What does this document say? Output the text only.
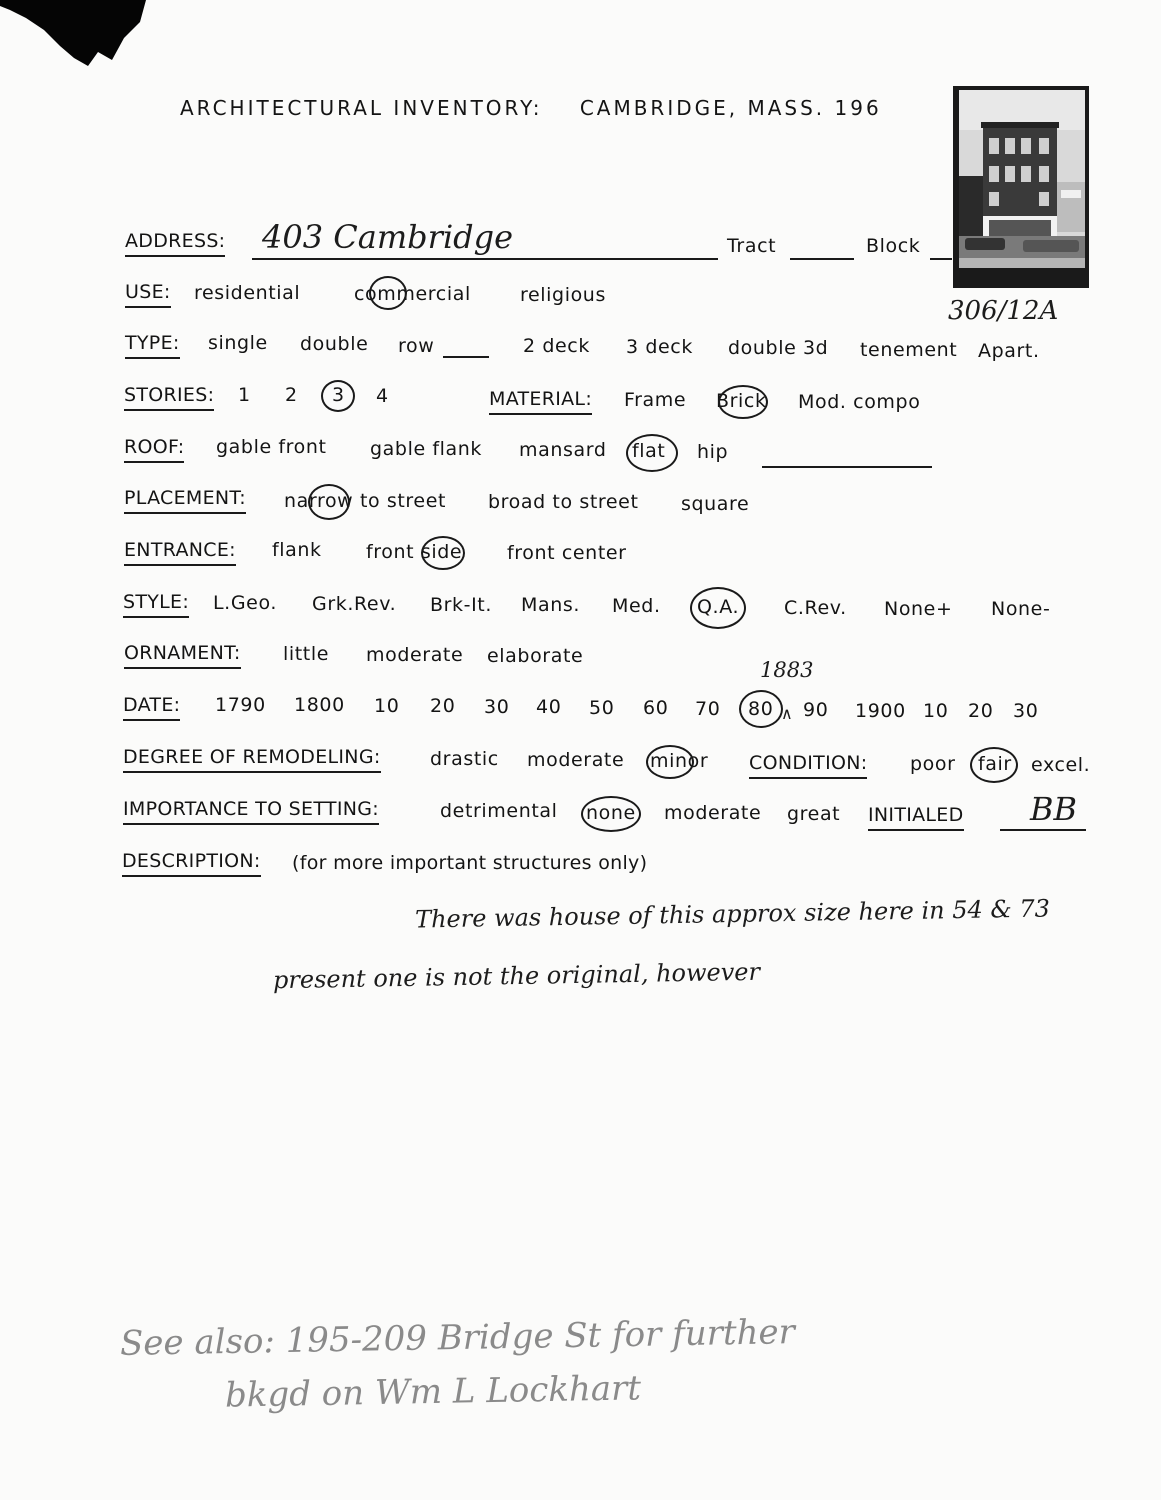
ARCHITECTURAL INVENTORY: CAMBRIDGE, MASS. 196
306/12A
ADDRESS: 403 Cambridge	Tract	Block
USE: residential	commercial	religious
TYPE: single double row	2 deck 3 deck double 3d tenement Apart.
STORIES: 1 2 3 4	MATERIAL: Frame Brick Mod. compo
ROOF: gable front gable flank mansard flat hip
PLACEMENT: narrow to street broad to street square
ENTRANCE: flank front side front center
STYLE: L.Geo. Grk.Rev. Brk-It. Mans. Med. Q.A. C.Rev. None+ None-
ORNAMENT: little moderate elaborate
1883
DATE: 1790 1800 10 20 30 40 50 60 70 80 ∧ 90 1900 10 20 30
DEGREE OF REMODELING:	drastic moderate minor CONDITION: poor fair excel.
IMPORTANCE TO SETTING:	detrimental none moderate great INITIALED BB
DESCRIPTION: (for more important structures only)
There was house of this approx size here in 54 & 73
present one is not the original, however
See also: 195-209 Bridge St for further
bkgd on Wm L Lockhart
